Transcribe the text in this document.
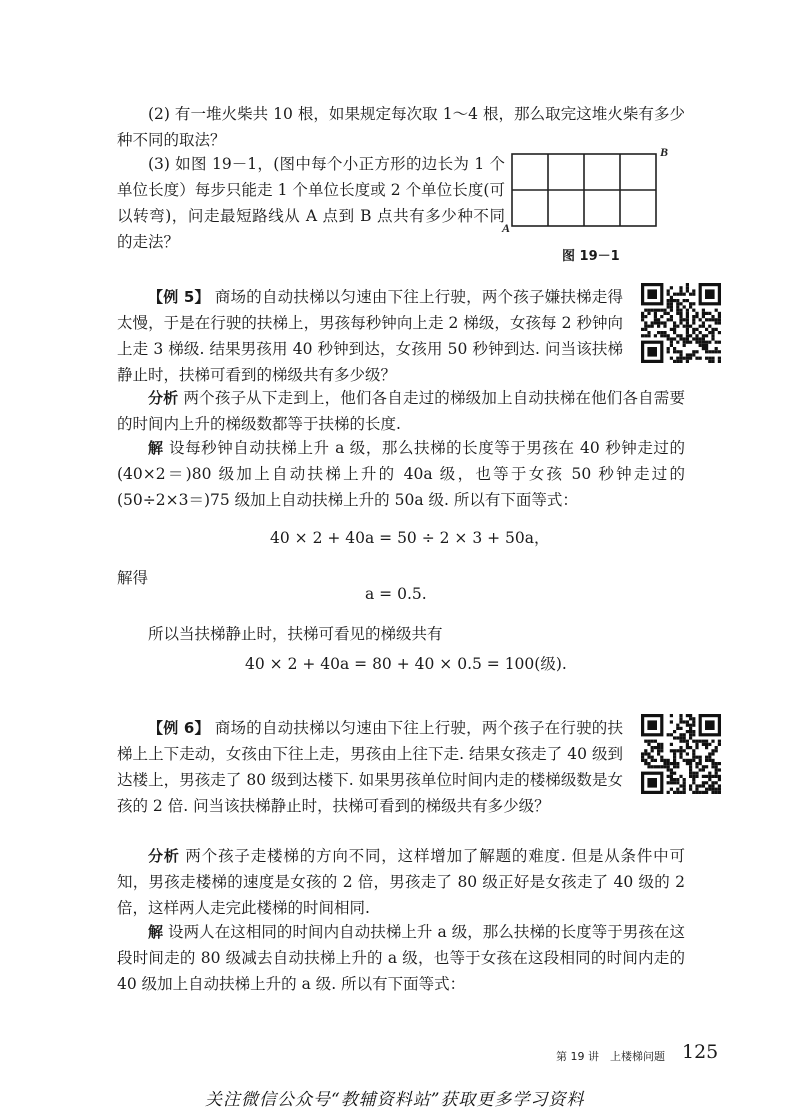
(2) 有一堆火柴共 10 根，如果规定每次取 1～4 根，那么取完这堆火柴有多少种不同的取法？

(3) 如图 19－1，(图中每个小正方形的边长为 1 个单位长度）每步只能走 1 个单位长度或 2 个单位长度(可以转弯)，问走最短路线从 A 点到 B 点共有多少种不同的走法？

B
A
图 19－1

【例 5】 商场的自动扶梯以匀速由下往上行驶，两个孩子嫌扶梯走得太慢，于是在行驶的扶梯上，男孩每秒钟向上走 2 梯级，女孩每 2 秒钟向上走 3 梯级. 结果男孩用 40 秒钟到达，女孩用 50 秒钟到达. 问当该扶梯静止时，扶梯可看到的梯级共有多少级？

分析 两个孩子从下走到上，他们各自走过的梯级加上自动扶梯在他们各自需要的时间内上升的梯级数都等于扶梯的长度.

解 设每秒钟自动扶梯上升 a 级，那么扶梯的长度等于男孩在 40 秒钟走过的 (40×2＝)80 级加上自动扶梯上升的 40a 级，也等于女孩 50 秒钟走过的 (50÷2×3＝)75 级加上自动扶梯上升的 50a 级. 所以有下面等式：

40 × 2 + 40a = 50 ÷ 2 × 3 + 50a，
解得
a = 0.5.

所以当扶梯静止时，扶梯可看见的梯级共有

40 × 2 + 40a = 80 + 40 × 0.5 = 100(级).

【例 6】 商场的自动扶梯以匀速由下往上行驶，两个孩子在行驶的扶梯上上下走动，女孩由下往上走，男孩由上往下走. 结果女孩走了 40 级到达楼上，男孩走了 80 级到达楼下. 如果男孩单位时间内走的楼梯级数是女孩的 2 倍. 问当该扶梯静止时，扶梯可看到的梯级共有多少级？

分析 两个孩子走楼梯的方向不同，这样增加了解题的难度. 但是从条件中可知，男孩走楼梯的速度是女孩的 2 倍，男孩走了 80 级正好是女孩走了 40 级的 2 倍，这样两人走完此楼梯的时间相同.

解 设两人在这相同的时间内自动扶梯上升 a 级，那么扶梯的长度等于男孩在这段时间走的 80 级减去自动扶梯上升的 a 级，也等于女孩在这段相同的时间内走的 40 级加上自动扶梯上升的 a 级. 所以有下面等式：

第 19 讲　上楼梯问题 125
关注微信公众号“教辅资料站”获取更多学习资料
